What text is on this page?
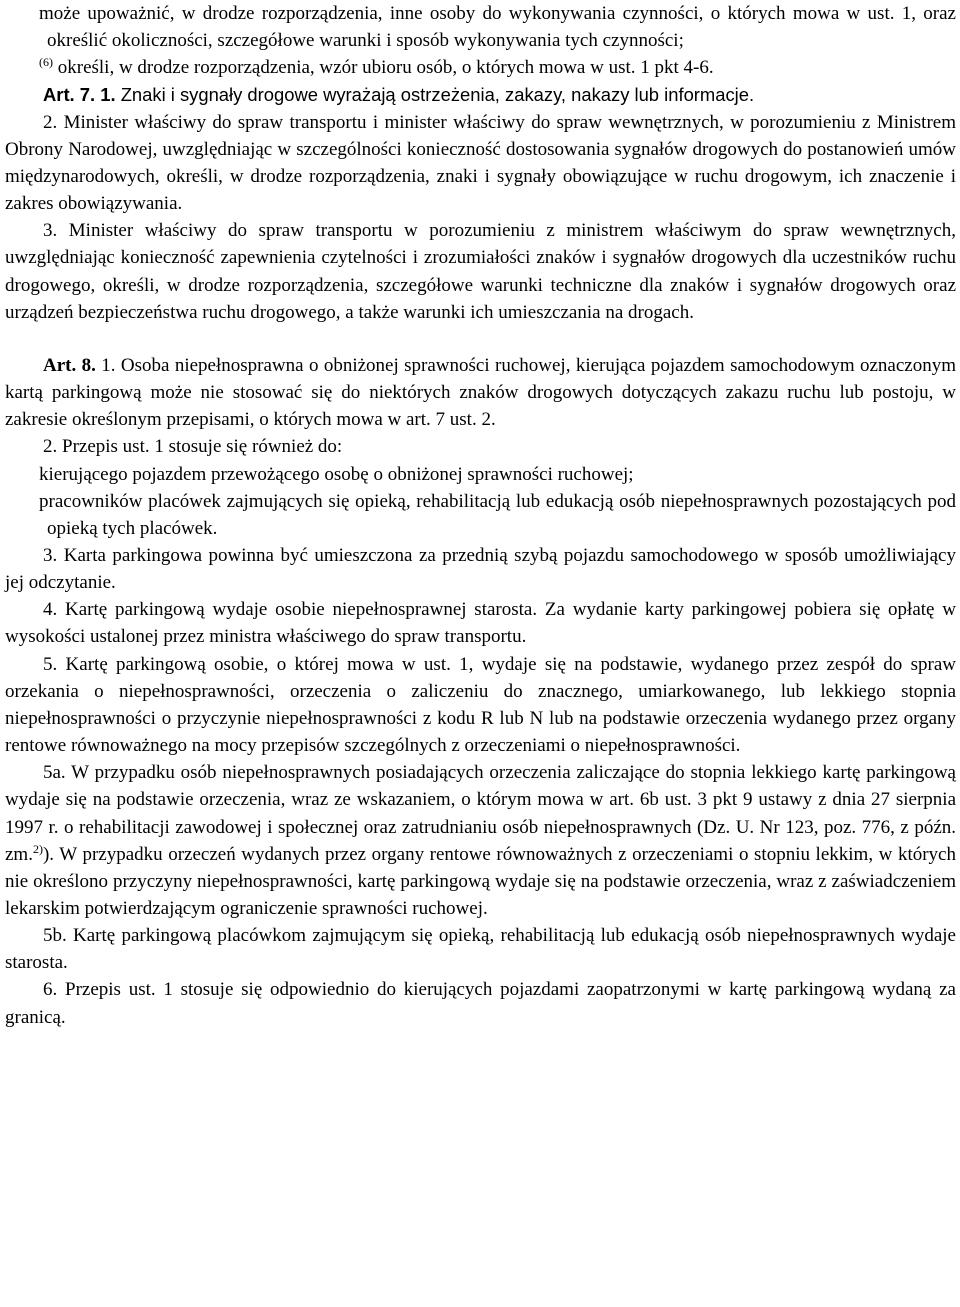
może upoważnić, w drodze rozporządzenia, inne osoby do wykonywania czynności, o których mowa w ust. 1, oraz określić okoliczności, szczegółowe warunki i sposób wykonywania tych czynności;

$^{(6)}$ określi, w drodze rozporządzenia, wzór ubioru osób, o których mowa w ust. 1 pkt 4-6.

Art. 7. 1. Znaki i sygnały drogowe wyrażają ostrzeżenia, zakazy, nakazy lub informacje.

2. Minister właściwy do spraw transportu i minister właściwy do spraw wewnętrznych, w porozumieniu z Ministrem Obrony Narodowej, uwzględniając w szczególności konieczność dostosowania sygnałów drogowych do postanowień umów międzynarodowych, określi, w drodze rozporządzenia, znaki i sygnały obowiązujące w ruchu drogowym, ich znaczenie i zakres obowiązywania.

3. Minister właściwy do spraw transportu w porozumieniu z ministrem właściwym do spraw wewnętrznych, uwzględniając konieczność zapewnienia czytelności i zrozumiałości znaków i sygnałów drogowych dla uczestników ruchu drogowego, określi, w drodze rozporządzenia, szczegółowe warunki techniczne dla znaków i sygnałów drogowych oraz urządzeń bezpieczeństwa ruchu drogowego, a także warunki ich umieszczania na drogach.

Art. 8. 1. Osoba niepełnosprawna o obniżonej sprawności ruchowej, kierująca pojazdem samochodowym oznaczonym kartą parkingową może nie stosować się do niektórych znaków drogowych dotyczących zakazu ruchu lub postoju, w zakresie określonym przepisami, o których mowa w art. 7 ust. 2.

2. Przepis ust. 1 stosuje się również do:

kierującego pojazdem przewożącego osobę o obniżonej sprawności ruchowej;

pracowników placówek zajmujących się opieką, rehabilitacją lub edukacją osób niepełnosprawnych pozostających pod opieką tych placówek.

3. Karta parkingowa powinna być umieszczona za przednią szybą pojazdu samochodowego w sposób umożliwiający jej odczytanie.

4. Kartę parkingową wydaje osobie niepełnosprawnej starosta. Za wydanie karty parkingowej pobiera się opłatę w wysokości ustalonej przez ministra właściwego do spraw transportu.

5. Kartę parkingową osobie, o której mowa w ust. 1, wydaje się na podstawie, wydanego przez zespół do spraw orzekania o niepełnosprawności, orzeczenia o zaliczeniu do znacznego, umiarkowanego, lub lekkiego stopnia niepełnosprawności o przyczynie niepełnosprawności z kodu R lub N lub na podstawie orzeczenia wydanego przez organy rentowe równoważnego na mocy przepisów szczególnych z orzeczeniami o niepełnosprawności.

5a. W przypadku osób niepełnosprawnych posiadających orzeczenia zaliczające do stopnia lekkiego kartę parkingową wydaje się na podstawie orzeczenia, wraz ze wskazaniem, o którym mowa w art. 6b ust. 3 pkt 9 ustawy z dnia 27 sierpnia 1997 r. o rehabilitacji zawodowej i społecznej oraz zatrudnianiu osób niepełnosprawnych (Dz. U. Nr 123, poz. 776, z późn. zm.$^{2)}$). W przypadku orzeczeń wydanych przez organy rentowe równoważnych z orzeczeniami o stopniu lekkim, w których nie określono przyczyny niepełnosprawności, kartę parkingową wydaje się na podstawie orzeczenia, wraz z zaświadczeniem lekarskim potwierdzającym ograniczenie sprawności ruchowej.

5b. Kartę parkingową placówkom zajmującym się opieką, rehabilitacją lub edukacją osób niepełnosprawnych wydaje starosta.

6. Przepis ust. 1 stosuje się odpowiednio do kierujących pojazdami zaopatrzonymi w kartę parkingową wydaną za granicą.
